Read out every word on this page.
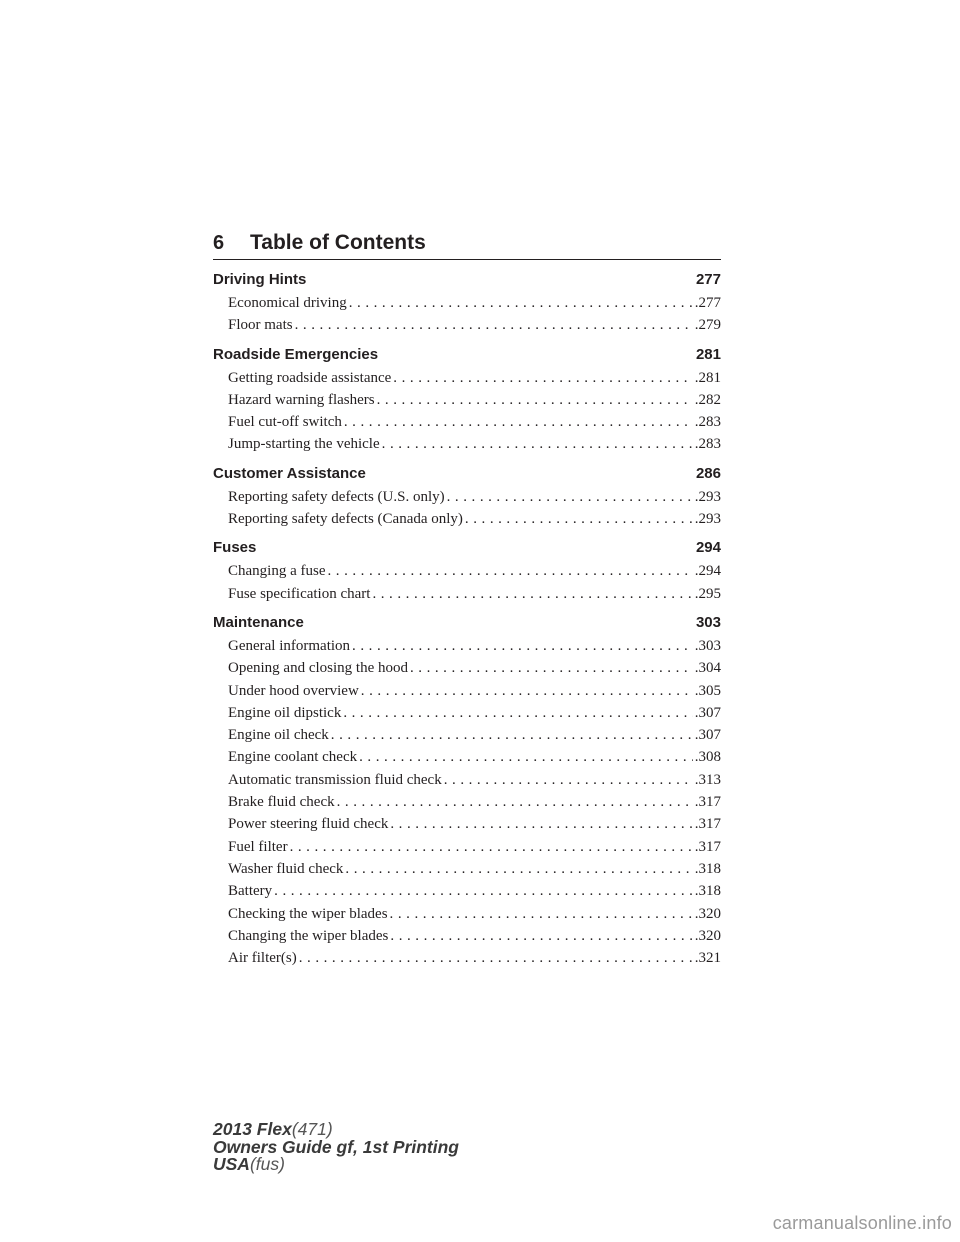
6 Table of Contents
Driving Hints	277
Economical driving . . .	.277
Floor mats . . .	.279
Roadside Emergencies	281
Getting roadside assistance . . .	.281
Hazard warning flashers . . .	.282
Fuel cut-off switch . . .	.283
Jump-starting the vehicle . . .	.283
Customer Assistance	286
Reporting safety defects (U.S. only) . . .	.293
Reporting safety defects (Canada only) . . .	.293
Fuses	294
Changing a fuse . . .	.294
Fuse specification chart . . .	.295
Maintenance	303
General information . . .	.303
Opening and closing the hood . . .	.304
Under hood overview . . .	.305
Engine oil dipstick . . .	.307
Engine oil check . . .	.307
Engine coolant check . . .	.308
Automatic transmission fluid check . . .	.313
Brake fluid check . . .	.317
Power steering fluid check . . .	.317
Fuel filter . . .	.317
Washer fluid check . . .	.318
Battery . . .	.318
Checking the wiper blades . . .	.320
Changing the wiper blades . . .	.320
Air filter(s) . . .	.321
2013 Flex(471)
Owners Guide gf, 1st Printing
USA(fus)
carmanualsonline.info
